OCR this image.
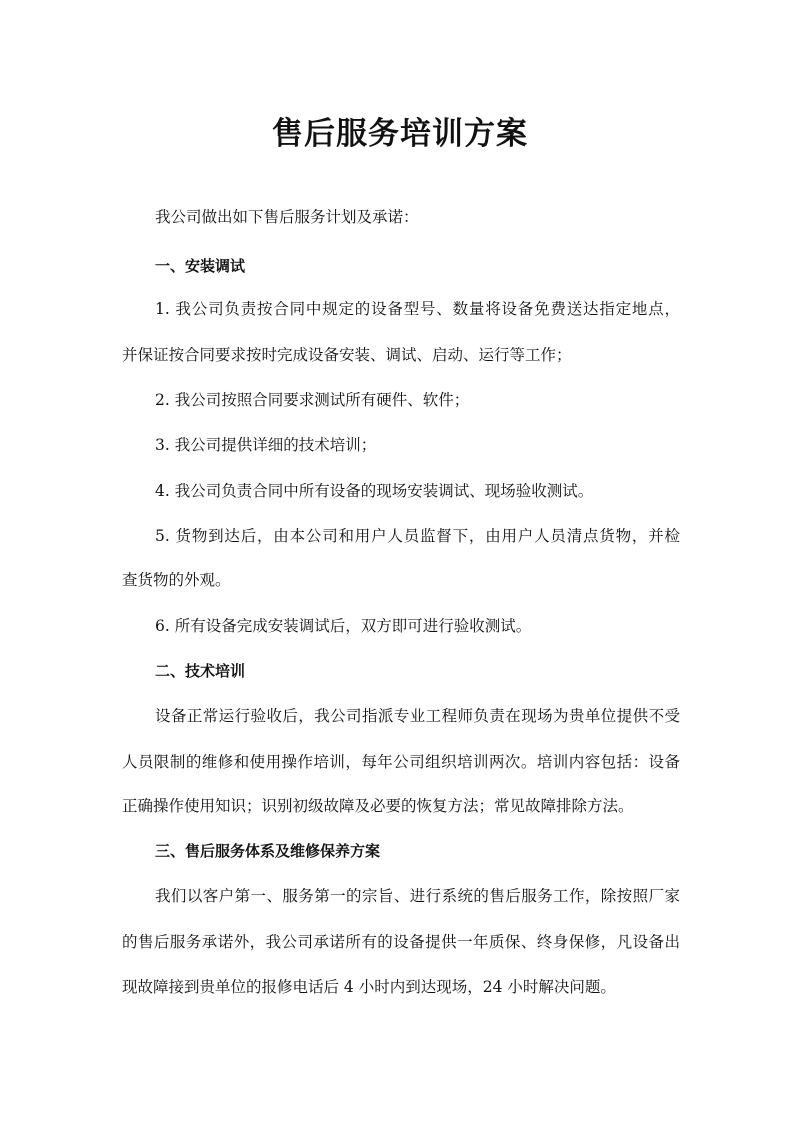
售后服务培训方案
我公司做出如下售后服务计划及承诺：
一、安装调试
1. 我公司负责按合同中规定的设备型号、数量将设备免费送达指定地点，
并保证按合同要求按时完成设备安装、调试、启动、运行等工作；
2. 我公司按照合同要求测试所有硬件、软件；
3. 我公司提供详细的技术培训；
4. 我公司负责合同中所有设备的现场安装调试、现场验收测试。
5. 货物到达后，由本公司和用户人员监督下，由用户人员清点货物，并检
查货物的外观。
6. 所有设备完成安装调试后，双方即可进行验收测试。
二、技术培训
设备正常运行验收后，我公司指派专业工程师负责在现场为贵单位提供不受
人员限制的维修和使用操作培训，每年公司组织培训两次。培训内容包括：设备
正确操作使用知识；识别初级故障及必要的恢复方法；常见故障排除方法。
三、售后服务体系及维修保养方案
我们以客户第一、服务第一的宗旨、进行系统的售后服务工作，除按照厂家
的售后服务承诺外，我公司承诺所有的设备提供一年质保、终身保修，凡设备出
现故障接到贵单位的报修电话后 4 小时内到达现场，24 小时解决问题。
